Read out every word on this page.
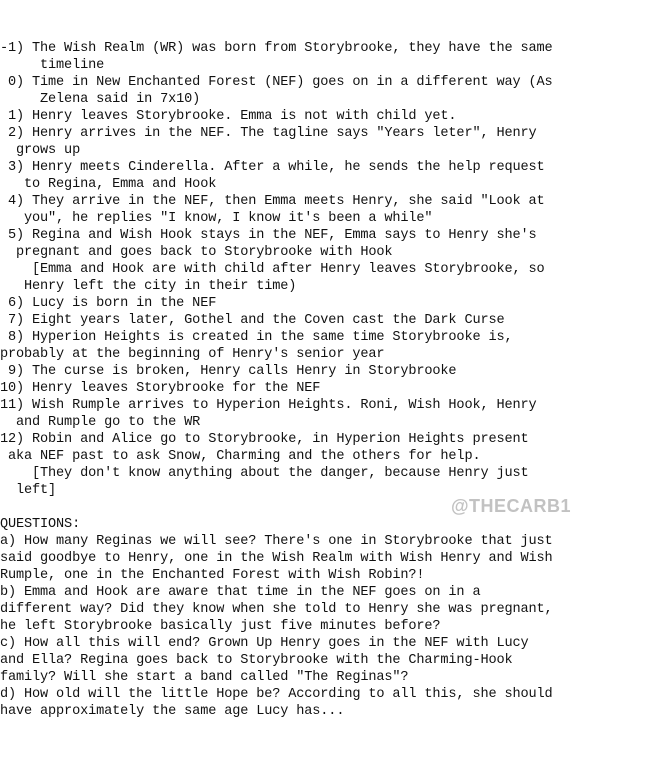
-1) The Wish Realm (WR) was born from Storybrooke, they have the same
timeline
0) Time in New Enchanted Forest (NEF) goes on in a different way (As
Zelena said in 7x10)
1) Henry leaves Storybrooke. Emma is not with child yet.
2) Henry arrives in the NEF. The tagline says "Years leter", Henry
grows up
3) Henry meets Cinderella. After a while, he sends the help request
to Regina, Emma and Hook
4) They arrive in the NEF, then Emma meets Henry, she said "Look at
you", he replies "I know, I know it's been a while"
5) Regina and Wish Hook stays in the NEF, Emma says to Henry she's
pregnant and goes back to Storybrooke with Hook
[Emma and Hook are with child after Henry leaves Storybrooke, so
Henry left the city in their time)
6) Lucy is born in the NEF
7) Eight years later, Gothel and the Coven cast the Dark Curse
8) Hyperion Heights is created in the same time Storybrooke is,
probably at the beginning of Henry's senior year
9) The curse is broken, Henry calls Henry in Storybrooke
10) Henry leaves Storybrooke for the NEF
11) Wish Rumple arrives to Hyperion Heights. Roni, Wish Hook, Henry
and Rumple go to the WR
12) Robin and Alice go to Storybrooke, in Hyperion Heights present
aka NEF past to ask Snow, Charming and the others for help.
[They don't know anything about the danger, because Henry just
left]
QUESTIONS:
a) How many Reginas we will see? There's one in Storybrooke that just
said goodbye to Henry, one in the Wish Realm with Wish Henry and Wish
Rumple, one in the Enchanted Forest with Wish Robin?!
b) Emma and Hook are aware that time in the NEF goes on in a
different way? Did they know when she told to Henry she was pregnant,
he left Storybrooke basically just five minutes before?
c) How all this will end? Grown Up Henry goes in the NEF with Lucy
and Ella? Regina goes back to Storybrooke with the Charming-Hook
family? Will she start a band called "The Reginas"?
d) How old will the little Hope be? According to all this, she should
have approximately the same age Lucy has...
@THECARB1
